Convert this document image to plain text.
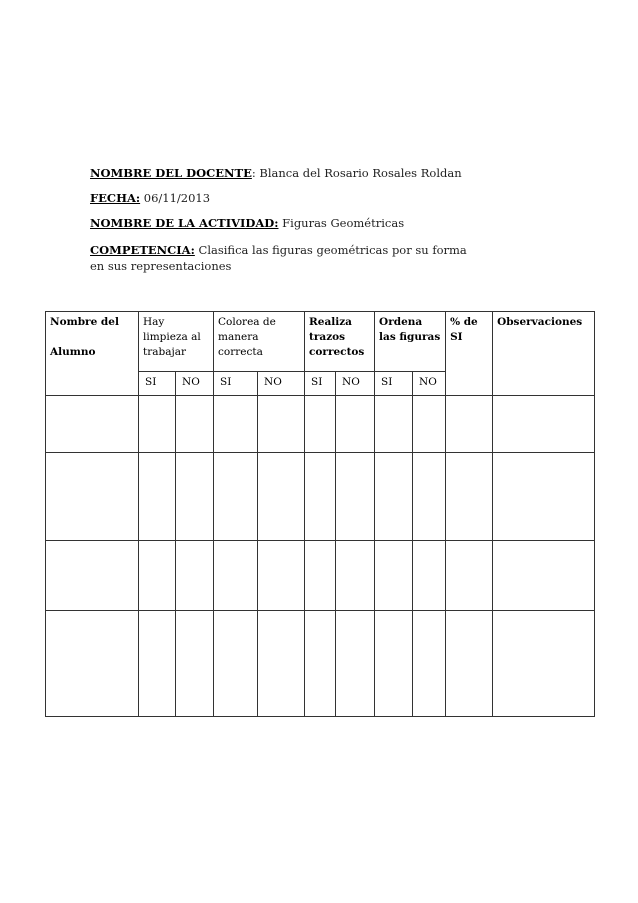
NOMBRE DEL DOCENTE: Blanca del Rosario Rosales Roldan
FECHA: 06/11/2013
NOMBRE DE LA ACTIVIDAD: Figuras Geométricas
COMPETENCIA: Clasifica las figuras geométricas por su forma en sus representaciones
Nombre del

Alumno	Hay limpieza al trabajar		Colorea de manera correcta		Realiza trazos correctos		Ordena las figuras		% de SI	Observaciones
	SI	NO	SI	NO	SI	NO	SI	NO		
